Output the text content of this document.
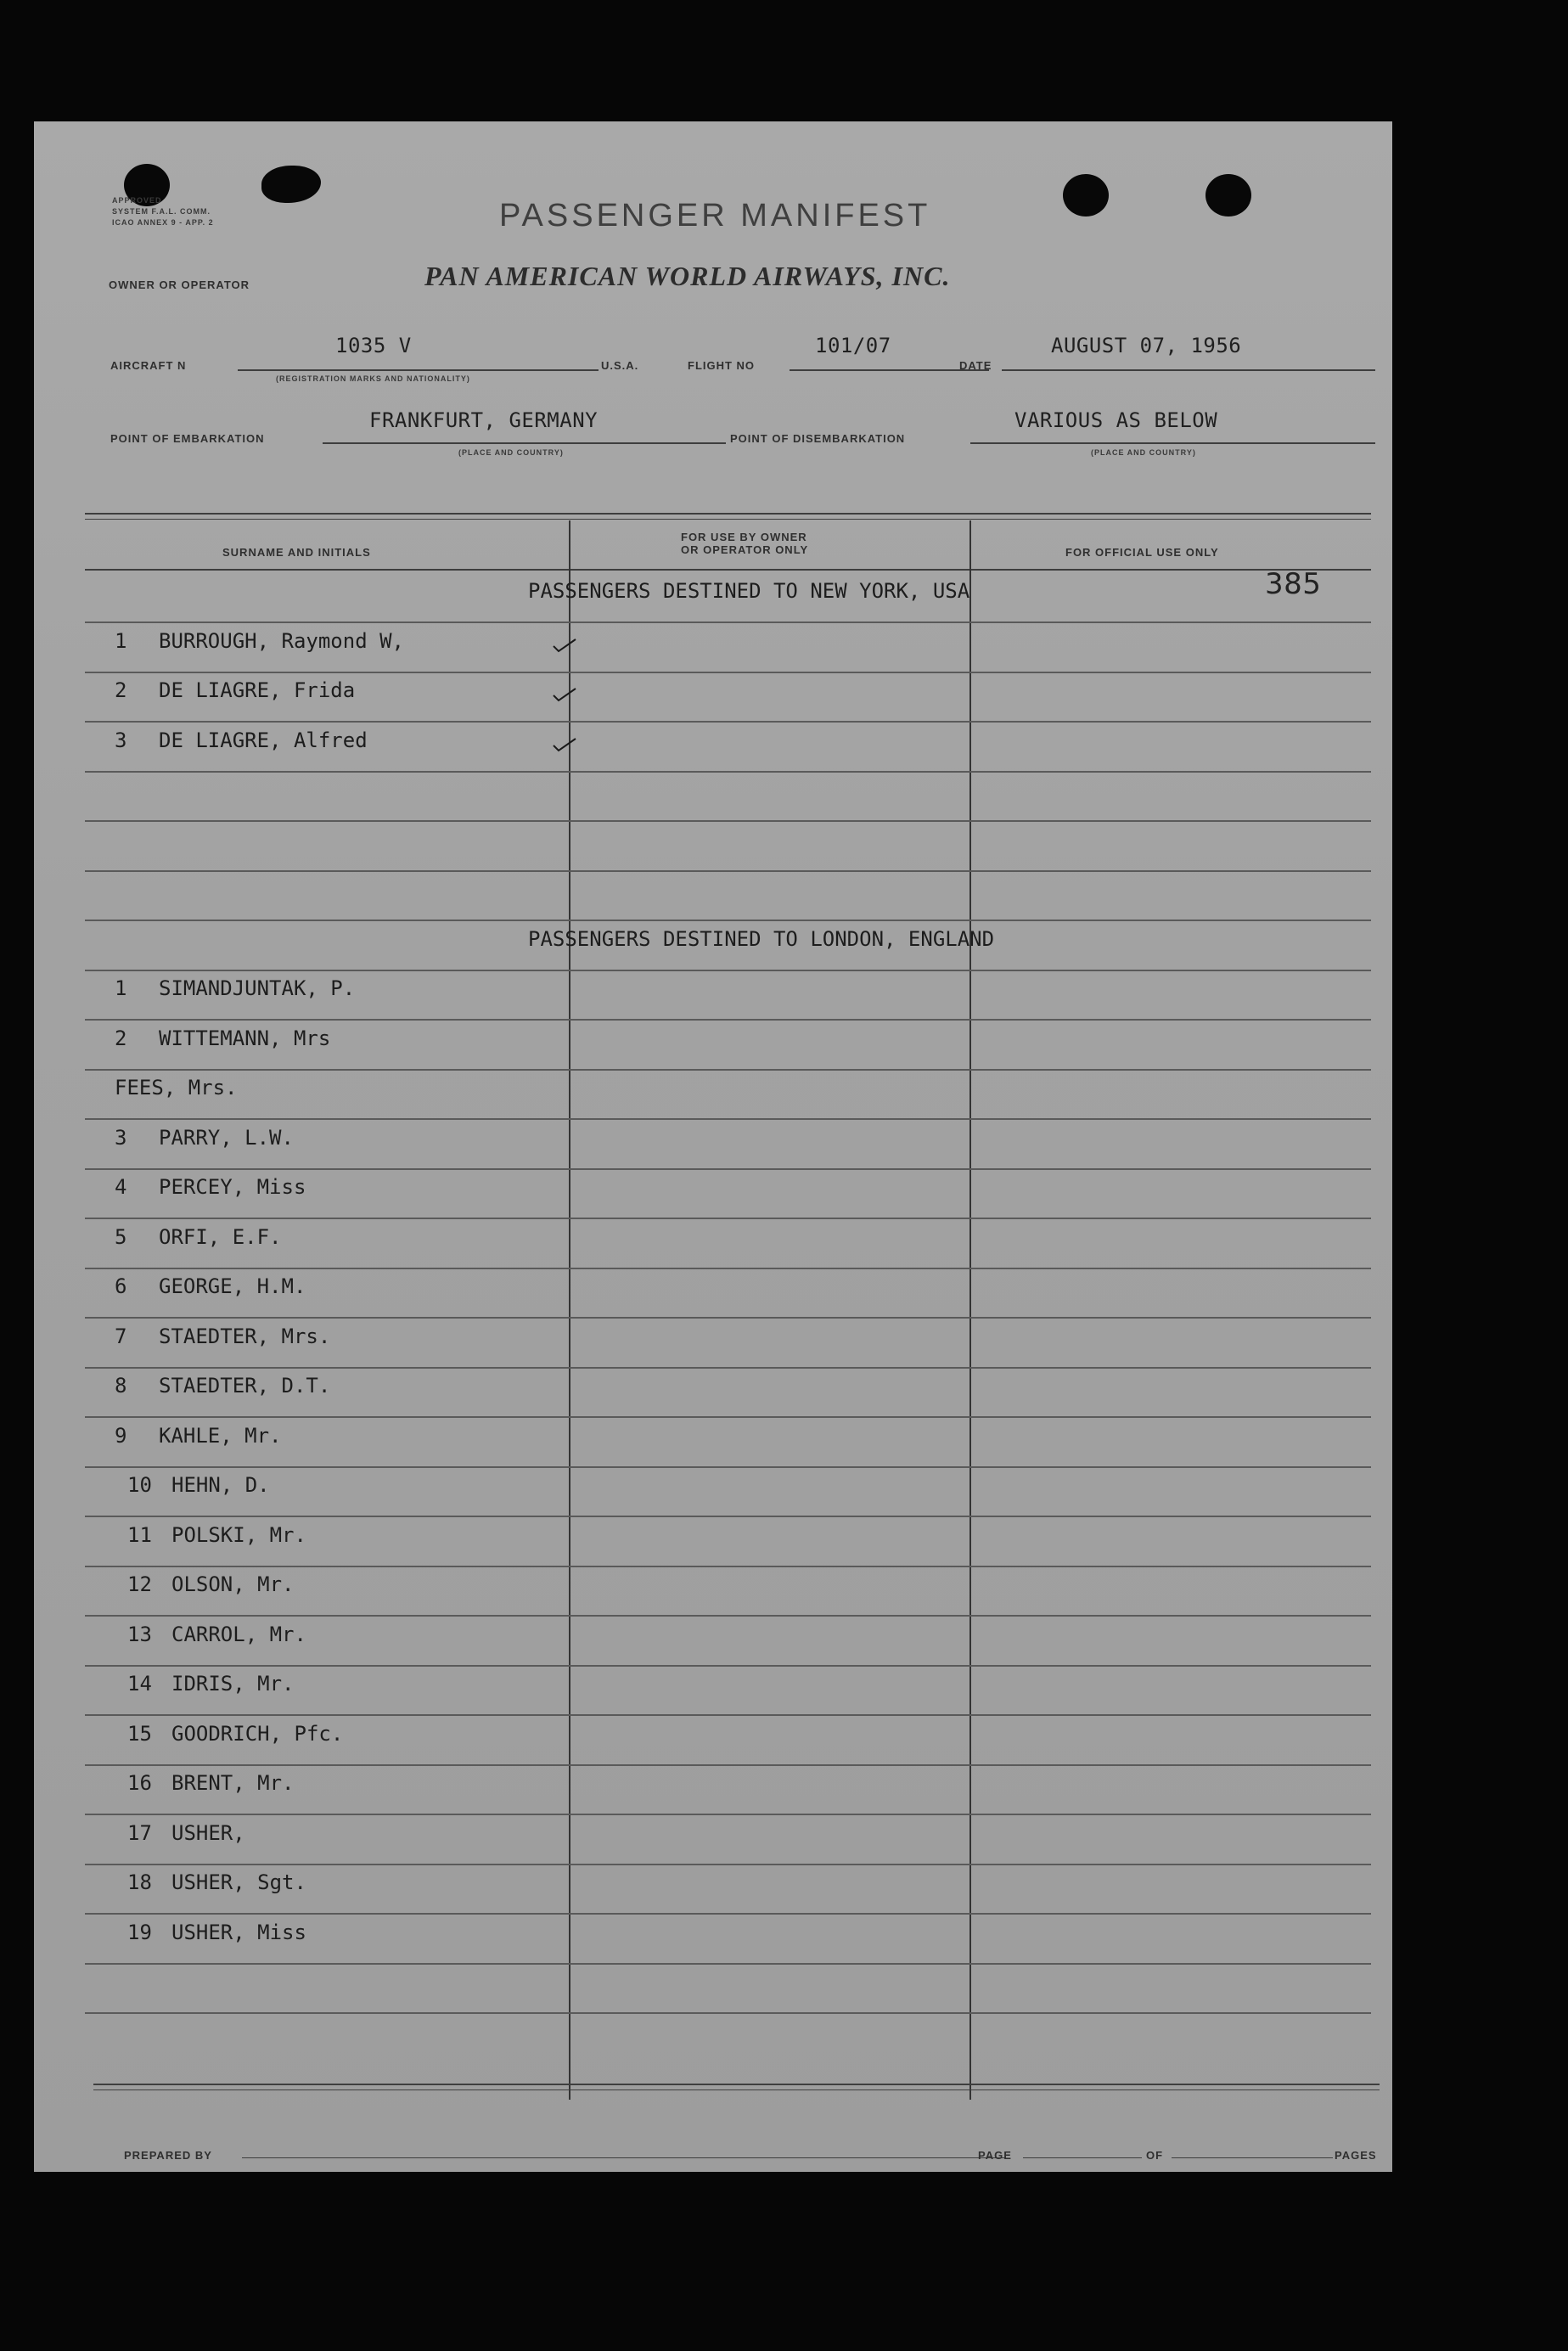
APPROVED
SYSTEM F.A.L. COMM.
ICAO ANNEX 9 - APP. 2	PASSENGER MANIFEST
OWNER OR OPERATOR	PAN AMERICAN WORLD AIRWAYS, INC.
AIRCRAFT N
1035 V
(REGISTRATION MARKS AND NATIONALITY)
U.S.A.	FLIGHT NO
101/07
DATE
AUGUST 07, 1956
POINT OF EMBARKATION
FRANKFURT, GERMANY
(PLACE AND COUNTRY)
POINT OF DISEMBARKATION
VARIOUS AS BELOW
(PLACE AND COUNTRY)
SURNAME AND INITIALS
FOR USE BY OWNER
OR OPERATOR ONLY	FOR OFFICIAL USE ONLY
385
PASSENGERS DESTINED TO NEW YORK, USA
1 BURROUGH, Raymond W,
2 DE LIAGRE, Frida
3 DE LIAGRE, Alfred
PASSENGERS DESTINED TO LONDON, ENGLAND
1 SIMANDJUNTAK, P.
2 WITTEMANN, Mrs
FEES, Mrs.
3 PARRY, L.W.
4 PERCEY, Miss
5 ORFI, E.F.
6 GEORGE, H.M.
7 STAEDTER, Mrs.
8 STAEDTER, D.T.
9 KAHLE, Mr.
10 HEHN, D.
11 POLSKI, Mr.
12 OLSON, Mr.
13 CARROL, Mr.
14 IDRIS, Mr.
15 GOODRICH, Pfc.
16 BRENT, Mr.
17 USHER,
18 USHER, Sgt.
19 USHER, Miss
PREPARED BY	PAGE	OF	PAGES
